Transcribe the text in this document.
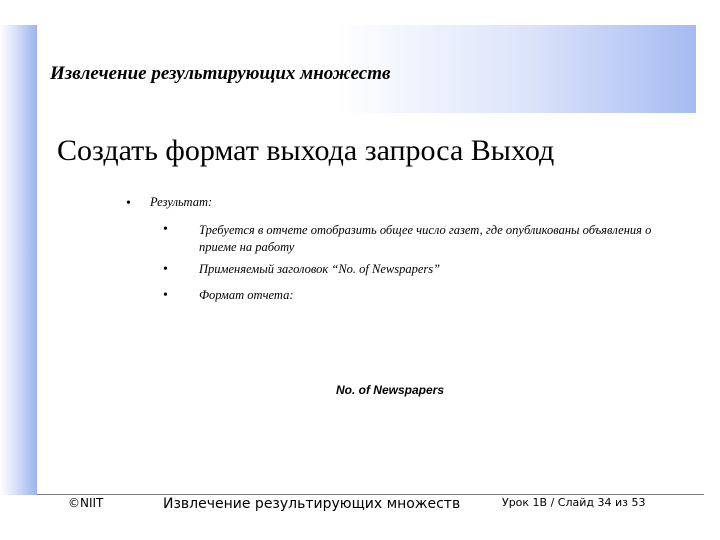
Извлечение результирующих множеств
Создать формат выхода запроса Выход
• Результат:
• Требуется в отчете отобразить общее число газет, где опубликованы объявления о приеме на работу
• Применяемый заголовок “No. of Newspapers”
• Формат отчета:
No. of Newspapers
©NIIT	Извлечение результирующих множеств	Урок 1B / Слайд 34 из 53
